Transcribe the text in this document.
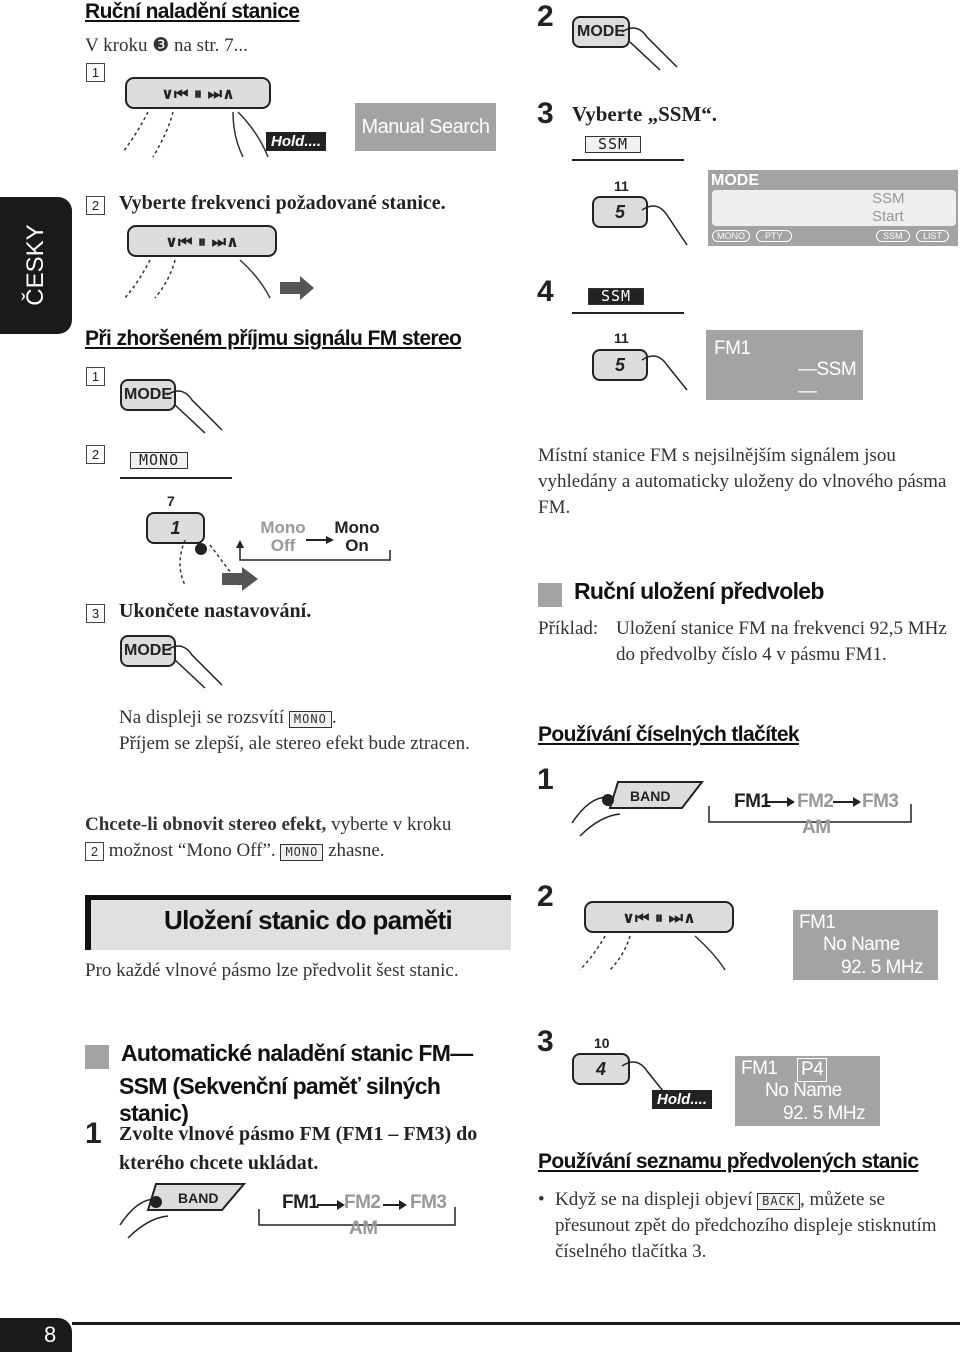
ČESKY
Ruční naladění stanice
V kroku ❸ na str. 7...
1
∨⏮ ⏸ ⏭∧
Hold....
Manual Search
2 Vyberte frekvenci požadované stanice.
∨⏮ ⏸ ⏭∧
Při zhoršeném příjmu signálu FM stereo
1
MODE
2	MONO
7
1	Mono Off
Mono On
3 Ukončete nastavování.
MODE
Na displeji se rozsvítí MONO .
Příjem se zlepší, ale stereo efekt bude ztracen.
Chcete-li obnovit stereo efekt, vyberte v kroku
2 možnost “Mono Off”. MONO zhasne.
Uložení stanic do paměti
Pro každé vlnové pásmo lze předvolit šest stanic.
Automatické naladění stanic FM—
SSM (Sekvenční paměť silných stanic)
1 Zvolte vlnové pásmo FM (FM1 – FM3) do kterého chcete ukládat.
BAND	FM1 FM2 FM3
AM
2	MODE
3 Vyberte „SSM“.
SSM
11
5
MODE
SSM
Start
MONO	PTY	SSM	LIST
4	SSM
11
5
FM1
—SSM—
Místní stanice FM s nejsilnějším signálem jsou vyhledány a automaticky uloženy do vlnového pásma FM.
Ruční uložení předvoleb
Příklad: Uložení stanice FM na frekvenci 92,5 MHz do předvolby číslo 4 v pásmu FM1.
Používání číselných tlačítek
1	BAND	FM1 FM2 FM3
AM
2
∨⏮ ⏸ ⏭∧	FM1
No Name
92. 5 MHz
3	10
4
Hold....
FM1 P4
No Name
92. 5 MHz
Používání seznamu předvolených stanic
• Když se na displeji objeví BACK , můžete se přesunout zpět do předchozího displeje stisknutím číselného tlačítka 3.
8
